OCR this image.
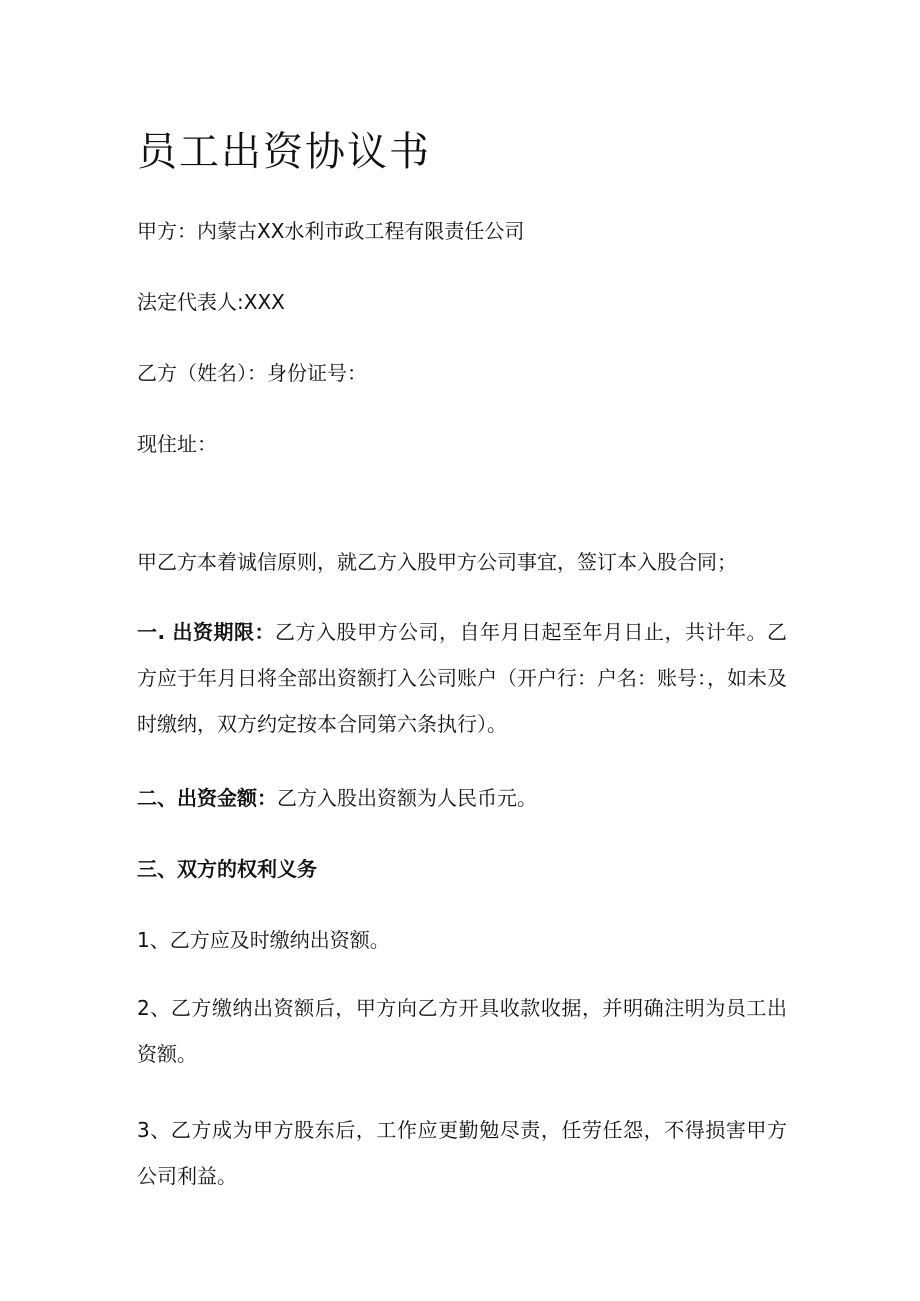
员工出资协议书

甲方：内蒙古XX水利市政工程有限责任公司

法定代表人:XXX

乙方（姓名）：身份证号：

现住址：

甲乙方本着诚信原则，就乙方入股甲方公司事宜，签订本入股合同；

一. 出资期限：乙方入股甲方公司，自年月日起至年月日止，共计年。乙方应于年月日将全部出资额打入公司账户（开户行：户名：账号：，如未及时缴纳，双方约定按本合同第六条执行）。

二、出资金额：乙方入股出资额为人民币元。

三、双方的权利义务

1、乙方应及时缴纳出资额。

2、乙方缴纳出资额后，甲方向乙方开具收款收据，并明确注明为员工出资额。

3、乙方成为甲方股东后，工作应更勤勉尽责，任劳任怨，不得损害甲方公司利益。
